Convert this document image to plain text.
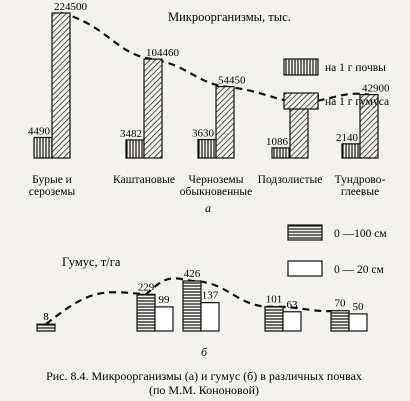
Микроорганизмы, тыс.
4490
224500
3482
104460
3630
54450
1086	2140
42900
Бурые и
сероземы
Каштановые Черноземы
обыкновенные
Подзолистые Тундрово-
глеевые
на 1 г почвы
на 1 г гумуса
а
Гумус, т/га
8
229
99
426
137	101 63	70 50
0 —100 см
0 — 20 см
б
Рис. 8.4. Микроорганизмы (а) и гумус (б) в различных почвах
(по М.М. Кононовой)
